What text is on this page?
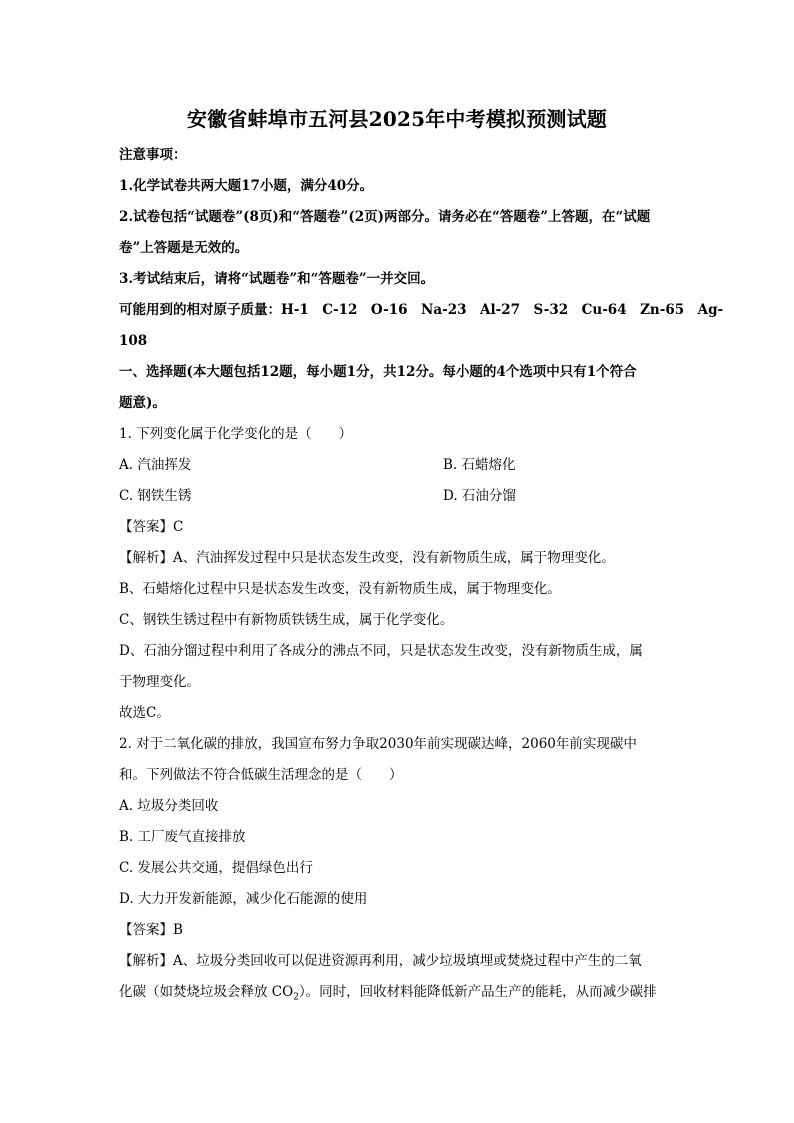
安徽省蚌埠市五河县2025年中考模拟预测试题
注意事项：
1.化学试卷共两大题17小题，满分40分。
2.试卷包括“试题卷”(8页)和“答题卷”(2页)两部分。请务必在“答题卷”上答题，在“试题
卷”上答题是无效的。
3.考试结束后，请将“试题卷”和“答题卷”一并交回。
可能用到的相对原子质量：H-1　C-12　O-16　Na-23　Al-27　S-32　Cu-64　Zn-65　Ag-
108
一、选择题(本大题包括12题，每小题1分，共12分。每小题的4个选项中只有1个符合
题意)。
1. 下列变化属于化学变化的是（　　）
A. 汽油挥发	B. 石蜡熔化
C. 钢铁生锈	D. 石油分馏
【答案】C
【解析】A、汽油挥发过程中只是状态发生改变，没有新物质生成，属于物理变化。
B、石蜡熔化过程中只是状态发生改变，没有新物质生成，属于物理变化。
C、钢铁生锈过程中有新物质铁锈生成，属于化学变化。
D、石油分馏过程中利用了各成分的沸点不同，只是状态发生改变，没有新物质生成，属
于物理变化。
故选C。
2. 对于二氧化碳的排放，我国宣布努力争取2030年前实现碳达峰，2060年前实现碳中
和。下列做法不符合低碳生活理念的是（　　）
A. 垃圾分类回收
B. 工厂废气直接排放
C. 发展公共交通，提倡绿色出行
D. 大力开发新能源，减少化石能源的使用
【答案】B
【解析】A、垃圾分类回收可以促进资源再利用，减少垃圾填埋或焚烧过程中产生的二氧
化碳（如焚烧垃圾会释放 $CO_2$）。同时，回收材料能降低新产品生产的能耗，从而减少碳排
